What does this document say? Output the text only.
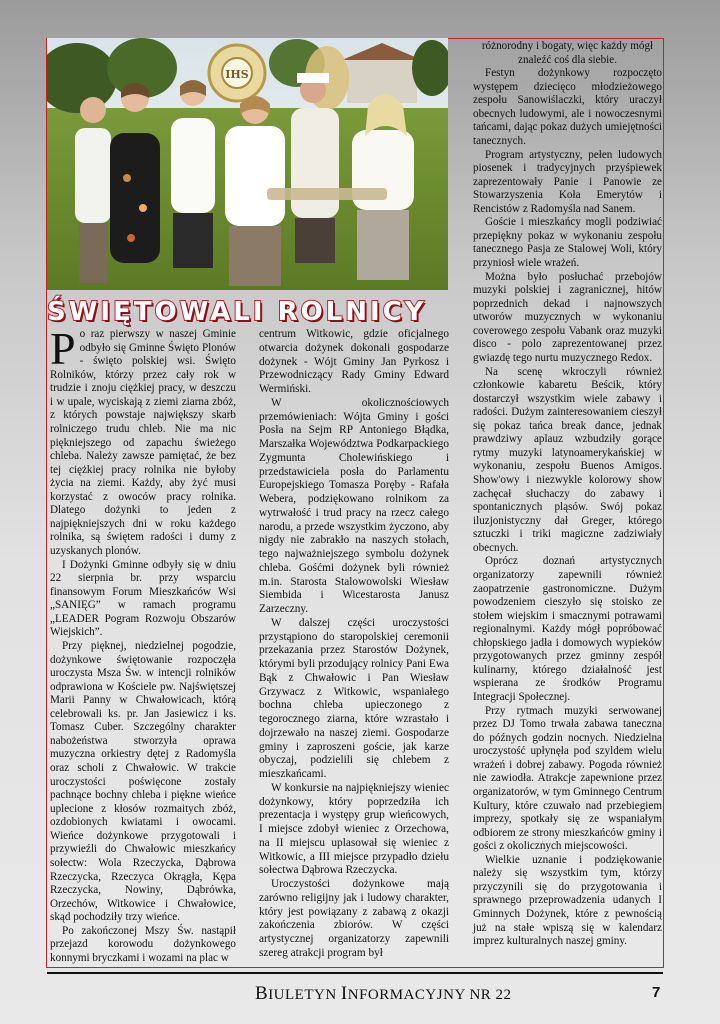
IHS
ŚWIĘTOWALI ROLNICY

Po raz pierwszy w naszej Gminie odbyło się Gminne Święto Plonów - święto polskiej wsi. Święto Rolników, którzy przez cały rok w trudzie i znoju ciężkiej pracy, w deszczu i w upale, wyciskają z ziemi ziarna zbóż, z których powstaje największy skarb rolniczego trudu chleb. Nie ma nic piękniejszego od zapachu świeżego chleba. Należy zawsze pamiętać, że bez tej ciężkiej pracy rolnika nie byłoby życia na ziemi. Każdy, aby żyć musi korzystać z owoców pracy rolnika. Dlatego dożynki to jeden z najpiękniejszych dni w roku każdego rolnika, są świętem radości i dumy z uzyskanych plonów.

I Dożynki Gminne odbyły się w dniu 22 sierpnia br. przy wsparciu finansowym Forum Mieszkańców Wsi „SANIĘG” w ramach programu „LEADER Pogram Rozwoju Obszarów Wiejskich”.

Przy pięknej, niedzielnej pogodzie, dożynkowe świętowanie rozpoczęła uroczysta Msza Św. w intencji rolników odprawiona w Kościele pw. Najświętszej Marii Panny w Chwałowicach, którą celebrowali ks. pr. Jan Jasiewicz i ks. Tomasz Cuber. Szczególny charakter nabożeństwa stworzyła oprawa muzyczna orkiestry dętej z Radomyśla oraz scholi z Chwałowic. W trakcie uroczystości poświęcone zostały pachnące bochny chleba i piękne wieńce uplecione z kłosów rozmaitych zbóż, ozdobionych kwiatami i owocami. Wieńce dożynkowe przygotowali i przywieźli do Chwałowic mieszkańcy sołectw: Wola Rzeczycka, Dąbrowa Rzeczycka, Rzeczyca Okrągła, Kępa Rzeczycka, Nowiny, Dąbrówka, Orzechów, Witkowice i Chwałowice, skąd pochodziły trzy wieńce.

Po zakończonej Mszy Św. nastąpił przejazd korowodu dożynkowego konnymi bryczkami i wozami na plac w

centrum Witkowic, gdzie oficjalnego otwarcia dożynek dokonali gospodarze dożynek - Wójt Gminy Jan Pyrkosz i Przewodniczący Rady Gminy Edward Wermiński.

W okolicznościowych przemówieniach: Wójta Gminy i gości Posła na Sejm RP Antoniego Błądka, Marszałka Województwa Podkarpackiego Zygmunta Cholewińskiego i przedstawiciela posła do Parlamentu Europejskiego Tomasza Poręby - Rafała Webera, podziękowano rolnikom za wytrwałość i trud pracy na rzecz całego narodu, a przede wszystkim życzono, aby nigdy nie zabrakło na naszych stołach, tego najważniejszego symbolu dożynek chleba. Gośćmi dożynek byli również m.in. Starosta Stalowowolski Wiesław Siembida i Wicestarosta Janusz Zarzeczny.

W dalszej części uroczystości przystąpiono do staropolskiej ceremonii przekazania przez Starostów Dożynek, którymi byli przodujący rolnicy Pani Ewa Bąk z Chwałowic i Pan Wiesław Grzywacz z Witkowic, wspaniałego bochna chleba upieczonego z tegorocznego ziarna, które wzrastało i dojrzewało na naszej ziemi. Gospodarze gminy i zaproszeni goście, jak karze obyczaj, podzielili się chlebem z mieszkańcami.

W konkursie na najpiękniejszy wieniec dożynkowy, który poprzedziła ich prezentacja i występy grup wieńcowych, I miejsce zdobył wieniec z Orzechowa, na II miejscu uplasował się wieniec z Witkowic, a III miejsce przypadło dziełu sołectwa Dąbrowa Rzeczycka.

Uroczystości dożynkowe mają zarówno religijny jak i ludowy charakter, który jest powiązany z zabawą z okazji zakończenia zbiorów. W części artystycznej organizatorzy zapewnili szereg atrakcji program był

różnorodny i bogaty, więc każdy mógł znaleźć coś dla siebie.

Festyn dożynkowy rozpoczęto występem dziecięco młodzieżowego zespołu Sanowiślaczki, który uraczył obecnych ludowymi, ale i nowoczesnymi tańcami, dając pokaz dużych umiejętności tanecznych.

Program artystyczny, pełen ludowych piosenek i tradycyjnych przyśpiewek zaprezentowały Panie i Panowie ze Stowarzyszenia Koła Emerytów i Rencistów z Radomyśla nad Sanem.

Goście i mieszkańcy mogli podziwiać przepiękny pokaz w wykonaniu zespołu tanecznego Pasja ze Stalowej Woli, który przyniosł wiele wrażeń.

Można było posłuchać przebojów muzyki polskiej i zagranicznej, hitów poprzednich dekad i najnowszych utworów muzycznych w wykonaniu coverowego zespołu Vabank oraz muzyki disco - polo zaprezentowanej przez gwiazdę tego nurtu muzycznego Redox.

Na scenę wkroczyli również członkowie kabaretu Beścik, który dostarczył wszystkim wiele zabawy i radości. Dużym zainteresowaniem cieszył się pokaz tańca break dance, jednak prawdziwy aplauz wzbudziły gorące rytmy muzyki latynoamerykańskiej w wykonaniu, zespołu Buenos Amigos. Show'owy i niezwykle kolorowy show zachęcał słuchaczy do zabawy i spontanicznych pląsów. Swój pokaz iluzjonistyczny dał Greger, którego sztuczki i triki magiczne zadziwiały obecnych.

Oprócz doznań artystycznych organizatorzy zapewnili również zaopatrzenie gastronomiczne. Dużym powodzeniem cieszyło się stoisko ze stołem wiejskim i smacznymi potrawami regionalnymi. Każdy mógł popróbować chłopskiego jadła i domowych wypieków przygotowanych przez gminny zespół kulinarny, którego działalność jest wspierana ze środków Programu Integracji Społecznej.

Przy rytmach muzyki serwowanej przez DJ Tomo trwała zabawa taneczna do późnych godzin nocnych. Niedzielna uroczystość upłynęła pod szyldem wielu wrażeń i dobrej zabawy. Pogoda również nie zawiodła. Atrakcje zapewnione przez organizatorów, w tym Gminnego Centrum Kultury, które czuwało nad przebiegiem imprezy, spotkały się ze wspaniałym odbiorem ze strony mieszkańców gminy i gości z okolicznych miejscowości.

Wielkie uznanie i podziękowanie należy się wszystkim tym, którzy przyczynili się do przygotowania i sprawnego przeprowadzenia udanych I Gminnych Dożynek, które z pewnością już na stałe wpiszą się w kalendarz imprez kulturalnych naszej gminy.

BIULETYN INFORMACYJNY NR 22	7
